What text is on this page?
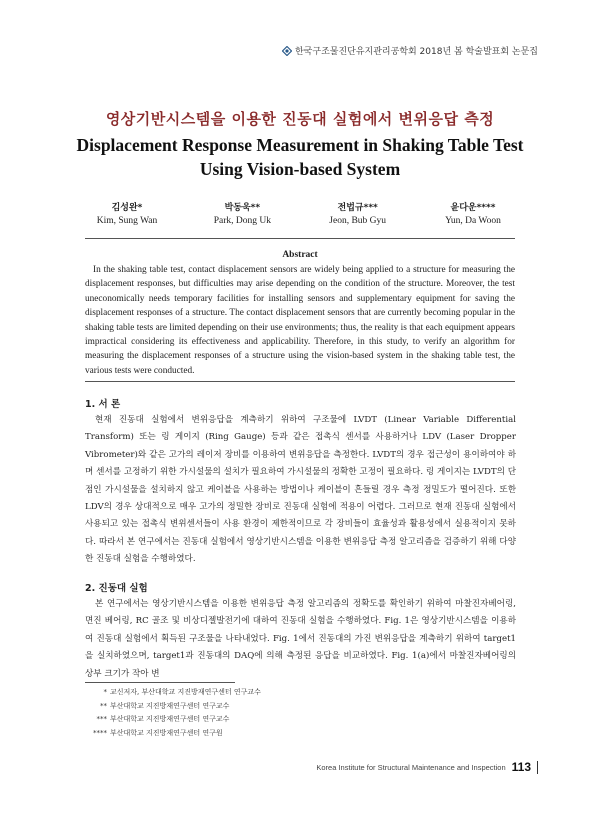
한국구조물진단유지관리공학회 2018년 봄 학술발표회 논문집
영상기반시스템을 이용한 진동대 실험에서 변위응답 측정
Displacement Response Measurement in Shaking Table Test
Using Vision-based System
김성완*
Kim, Sung Wan
박동욱**
Park, Dong Uk
전법규***
Jeon, Bub Gyu
윤다운****
Yun, Da Woon
Abstract

In the shaking table test, contact displacement sensors are widely being applied to a structure for measuring the displacement responses, but difficulties may arise depending on the condition of the structure. Moreover, the test uneconomically needs temporary facilities for installing sensors and supplementary equipment for saving the displacement responses of a structure. The contact displacement sensors that are currently becoming popular in the shaking table tests are limited depending on their use environments; thus, the reality is that each equipment appears impractical considering its effectiveness and applicability. Therefore, in this study, to verify an algorithm for measuring the displacement responses of a structure using the vision-based system in the shaking table test, the various tests were conducted.

1. 서 론

현재 진동대 실험에서 변위응답을 계측하기 위하여 구조물에 LVDT (Linear Variable Differential Transform) 또는 링 게이지 (Ring Gauge) 등과 같은 접촉식 센서를 사용하거나 LDV (Laser Dropper Vibrometer)와 같은 고가의 레이저 장비를 이용하여 변위응답을 측정한다. LVDT의 경우 접근성이 용이하여야 하며 센서를 고정하기 위한 가시설물의 설치가 필요하여 가시설물의 정확한 고정이 필요하다. 링 게이지는 LVDT의 단점인 가시설물을 설치하지 않고 케이블을 사용하는 방법이나 케이블이 흔들릴 경우 측정 정밀도가 떨어진다. 또한 LDV의 경우 상대적으로 매우 고가의 정밀한 장비로 진동대 실험에 적용이 어렵다. 그러므로 현재 진동대 실험에서 사용되고 있는 접촉식 변위센서들이 사용 환경이 제한적이므로 각 장비들이 효율성과 활용성에서 실용적이지 못하다. 따라서 본 연구에서는 진동대 실험에서 영상기반시스템을 이용한 변위응답 측정 알고리즘을 검증하기 위해 다양한 진동대 실험을 수행하였다.

2. 진동대 실험

본 연구에서는 영상기반시스템을 이용한 변위응답 측정 알고리즘의 정확도를 확인하기 위하여 마찰진자베어링, 면진 베어링, RC 골조 및 비상디젤발전기에 대하여 진동대 실험을 수행하였다. Fig. 1은 영상기반시스템을 이용하여 진동대 실험에서 획득된 구조물을 나타내었다. Fig. 1에서 진동대의 가진 변위응답을 계측하기 위하여 target1을 실치하였으며, target1과 진동대의 DAQ에 의해 측정된 응답을 비교하였다. Fig. 1(a)에서 마찰진자베어링의 상부 크기가 작아 변

* 교신저자, 부산대학교 지진방재연구센터 연구교수
** 부산대학교 지진방재연구센터 연구교수
*** 부산대학교 지진방재연구센터 연구교수
**** 부산대학교 지진방재연구센터 연구원
Korea Institute for Structural Maintenance and Inspection 113
